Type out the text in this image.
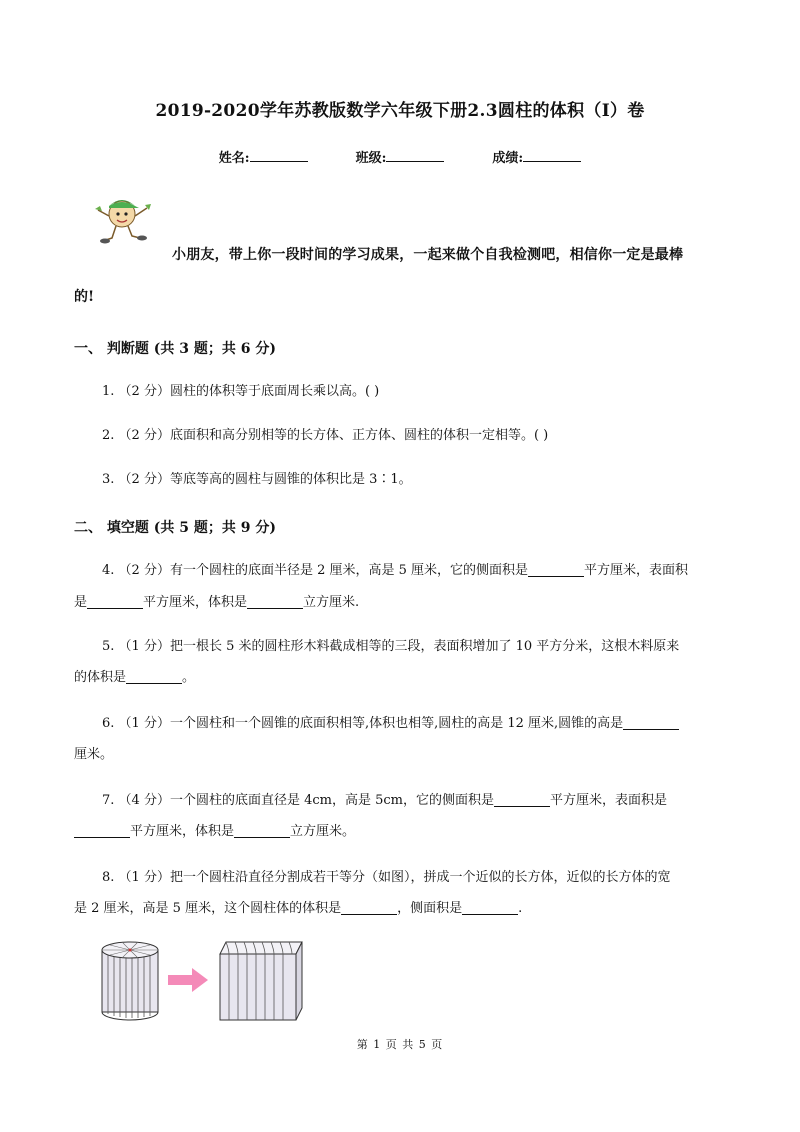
2019-2020学年苏教版数学六年级下册2.3圆柱的体积（I）卷
姓名:	班级:	成绩:
小朋友，带上你一段时间的学习成果，一起来做个自我检测吧，相信你一定是最棒
的!
一、 判断题 (共 3 题；共 6 分)
1. （2 分）圆柱的体积等于底面周长乘以高。( )
2. （2 分）底面积和高分别相等的长方体、正方体、圆柱的体积一定相等。( )
3. （2 分）等底等高的圆柱与圆锥的体积比是 3∶1。
二、 填空题 (共 5 题；共 9 分)
4. （2 分）有一个圆柱的底面半径是 2 厘米，高是 5 厘米，它的侧面积是	平方厘米，表面积
是	平方厘米，体积是	立方厘米.
5. （1 分）把一根长 5 米的圆柱形木料截成相等的三段，表面积增加了 10 平方分米，这根木料原来
的体积是	。
6. （1 分）一个圆柱和一个圆锥的底面积相等,体积也相等,圆柱的高是 12 厘米,圆锥的高是
厘米。
7. （4 分）一个圆柱的底面直径是 4cm，高是 5cm，它的侧面积是	平方厘米，表面积是
平方厘米，体积是	立方厘米。
8. （1 分）把一个圆柱沿直径分割成若干等分（如图），拼成一个近似的长方体，近似的长方体的宽
是 2 厘米，高是 5 厘米，这个圆柱体的体积是	，侧面积是	.
第 1 页 共 5 页
